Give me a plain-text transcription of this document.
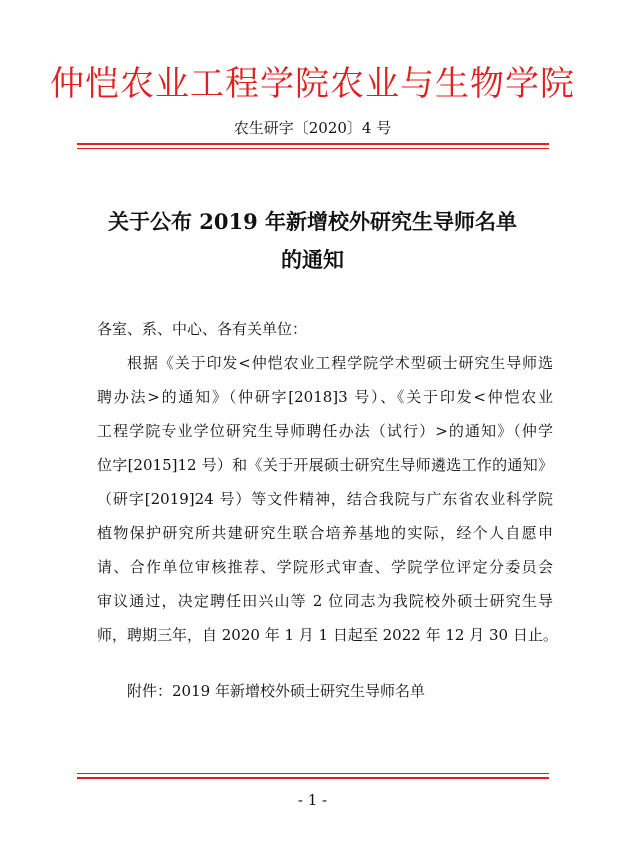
仲恺农业工程学院农业与生物学院
农生研字〔2020〕4 号
关于公布 2019 年新增校外研究生导师名单
的通知
各室、系、中心、各有关单位：
根据《关于印发<仲恺农业工程学院学术型硕士研究生导师选
聘办法>的通知》（仲研字[2018]3 号）、《关于印发<仲恺农业
工程学院专业学位研究生导师聘任办法（试行）>的通知》（仲学
位字[2015]12 号）和《关于开展硕士研究生导师遴选工作的通知》
（研字[2019]24 号）等文件精神，结合我院与广东省农业科学院
植物保护研究所共建研究生联合培养基地的实际，经个人自愿申
请、合作单位审核推荐、学院形式审查、学院学位评定分委员会
审议通过，决定聘任田兴山等 2 位同志为我院校外硕士研究生导
师，聘期三年，自 2020 年 1 月 1 日起至 2022 年 12 月 30 日止。
附件：2019 年新增校外硕士研究生导师名单
- 1 -
